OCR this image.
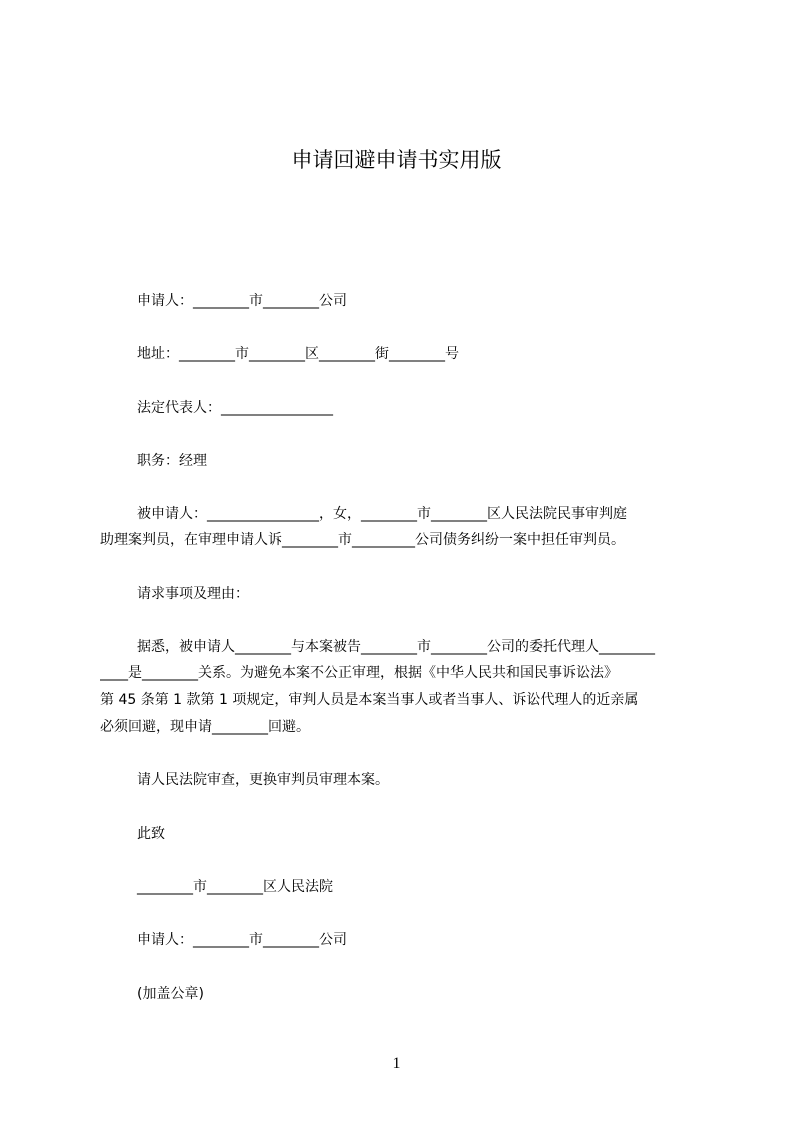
申请回避申请书实用版
申请人：________市________公司
地址：________市________区________街________号
法定代表人：________________
职务：经理
被申请人：________________，女，________市________区人民法院民事审判庭
助理案判员，在审理申请人诉________市_________公司债务纠纷一案中担任审判员。
请求事项及理由：
据悉，被申请人________与本案被告________市________公司的委托代理人________
____是________关系。为避免本案不公正审理，根据《中华人民共和国民事诉讼法》
第 45 条第 1 款第 1 项规定，审判人员是本案当事人或者当事人、诉讼代理人的近亲属
必须回避，现申请________回避。
请人民法院审查，更换审判员审理本案。
此致
________市________区人民法院
申请人：________市________公司
(加盖公章)
1
